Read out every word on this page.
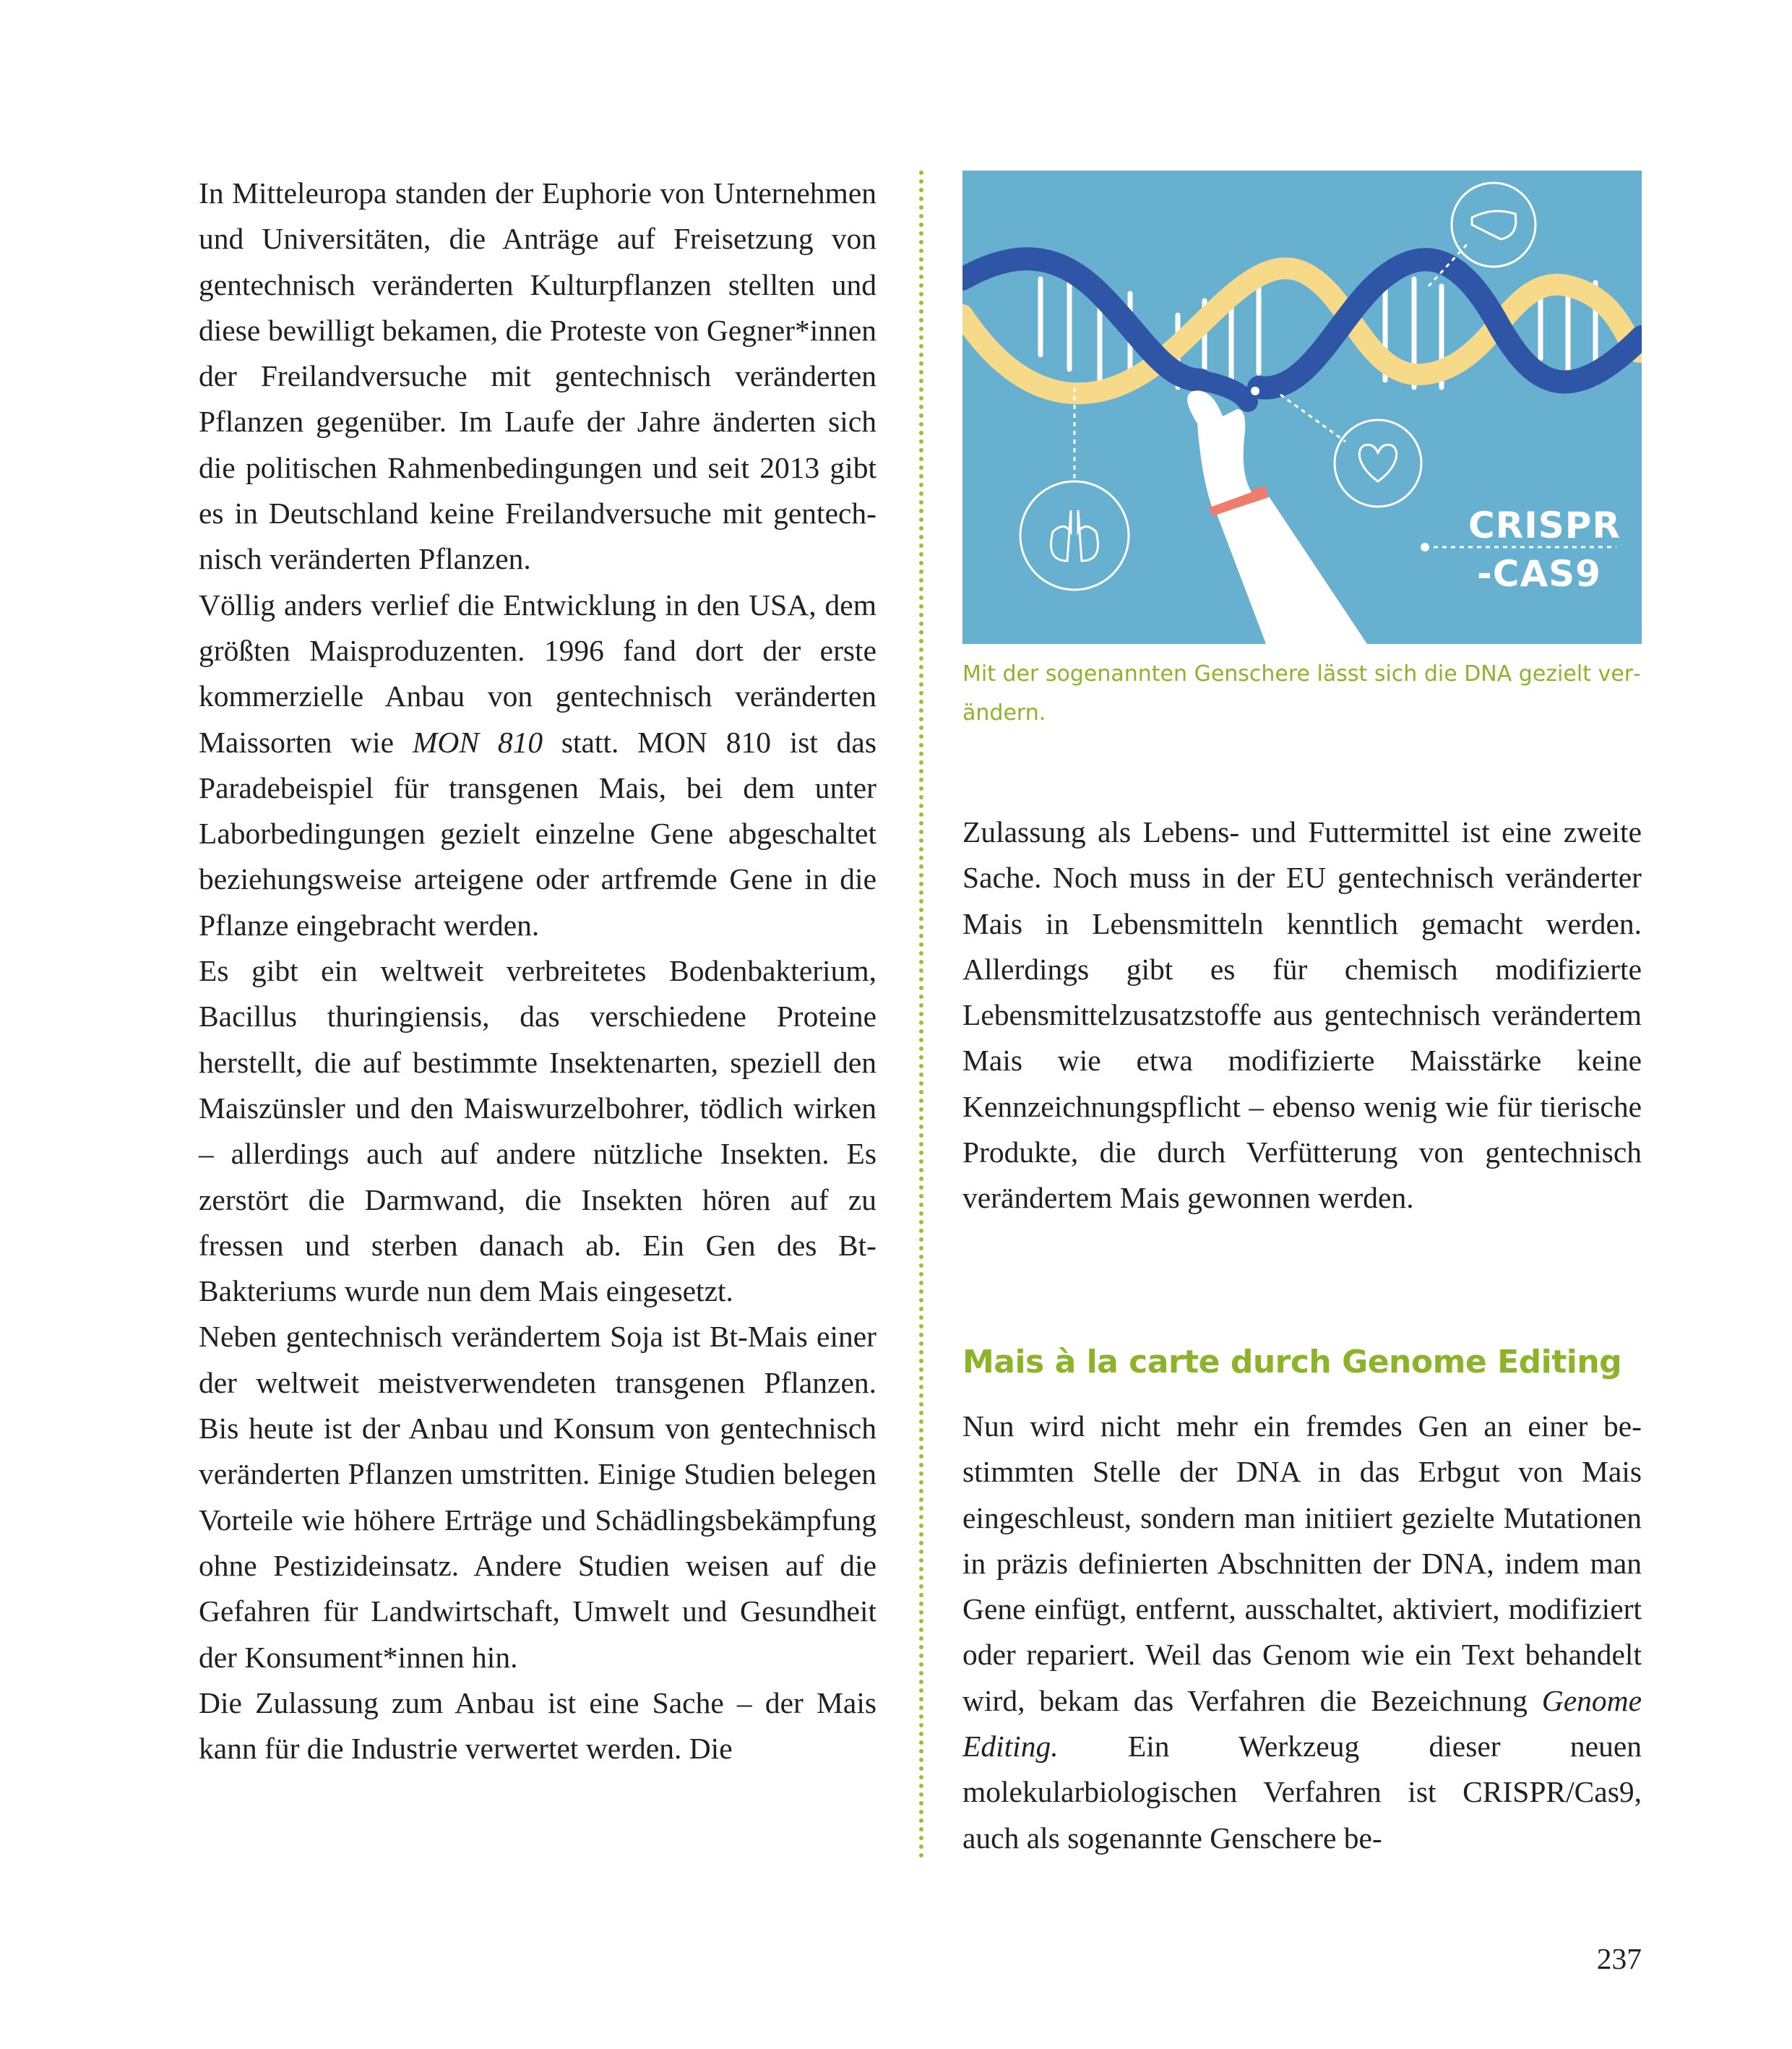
In Mitteleuropa standen der Euphorie von Unternehmen und Universitäten, die Anträge auf Freisetzung von gentechnisch veränderten Kulturpflanzen stellten und diese bewilligt bekamen, die Proteste von Gegner*innen der Freilandversuche mit gentechnisch veränderten Pflanzen gegenüber. Im Laufe der Jahre änderten sich die politischen Rahmenbedingungen und seit 2013 gibt es in Deutschland keine Freilandversuche mit gentechnisch veränderten Pflanzen.

Völlig anders verlief die Entwicklung in den USA, dem größten Maisproduzenten. 1996 fand dort der erste kommerzielle Anbau von gentechnisch veränderten Maissorten wie MON 810 statt. MON 810 ist das Paradebeispiel für transgenen Mais, bei dem unter Laborbedingungen gezielt einzelne Gene abgeschaltet beziehungsweise arteigene oder artfremde Gene in die Pflanze eingebracht werden.

Es gibt ein weltweit verbreitetes Bodenbakterium, Bacillus thuringiensis, das verschiedene Proteine herstellt, die auf bestimmte Insektenarten, speziell den Maiszünsler und den Maiswurzelbohrer, tödlich wirken – allerdings auch auf andere nützliche Insekten. Es zerstört die Darmwand, die Insekten hören auf zu fressen und sterben danach ab. Ein Gen des Bt-Bakteriums wurde nun dem Mais eingesetzt.

Neben gentechnisch verändertem Soja ist Bt-Mais einer der weltweit meistverwendeten transgenen Pflanzen. Bis heute ist der Anbau und Konsum von gentechnisch veränderten Pflanzen umstritten. Einige Studien belegen Vorteile wie höhere Erträge und Schädlingsbekämpfung ohne Pestizideinsatz. Andere Studien weisen auf die Gefahren für Landwirtschaft, Umwelt und Gesundheit der Konsument*innen hin.

Die Zulassung zum Anbau ist eine Sache – der Mais kann für die Industrie verwertet werden. Die

CRISPR
-CAS9
Mit der sogenannten Genschere lässt sich die DNA gezielt verändern.

Zulassung als Lebens- und Futtermittel ist eine zweite Sache. Noch muss in der EU gentechnisch veränderter Mais in Lebensmitteln kenntlich gemacht werden. Allerdings gibt es für chemisch modifizierte Lebensmittelzusatzstoffe aus gentechnisch verändertem Mais wie etwa modifizierte Maisstärke keine Kennzeichnungspflicht – ebenso wenig wie für tierische Produkte, die durch Verfütterung von gentechnisch verändertem Mais gewonnen werden.

Mais à la carte durch Genome Editing

Nun wird nicht mehr ein fremdes Gen an einer bestimmten Stelle der DNA in das Erbgut von Mais eingeschleust, sondern man initiiert gezielte Mutationen in präzis definierten Abschnitten der DNA, indem man Gene einfügt, entfernt, ausschaltet, aktiviert, modifiziert oder repariert. Weil das Genom wie ein Text behandelt wird, bekam das Verfahren die Bezeichnung Genome Editing. Ein Werkzeug dieser neuen molekularbiologischen Verfahren ist CRISPR/Cas9, auch als sogenannte Genschere be-

237
